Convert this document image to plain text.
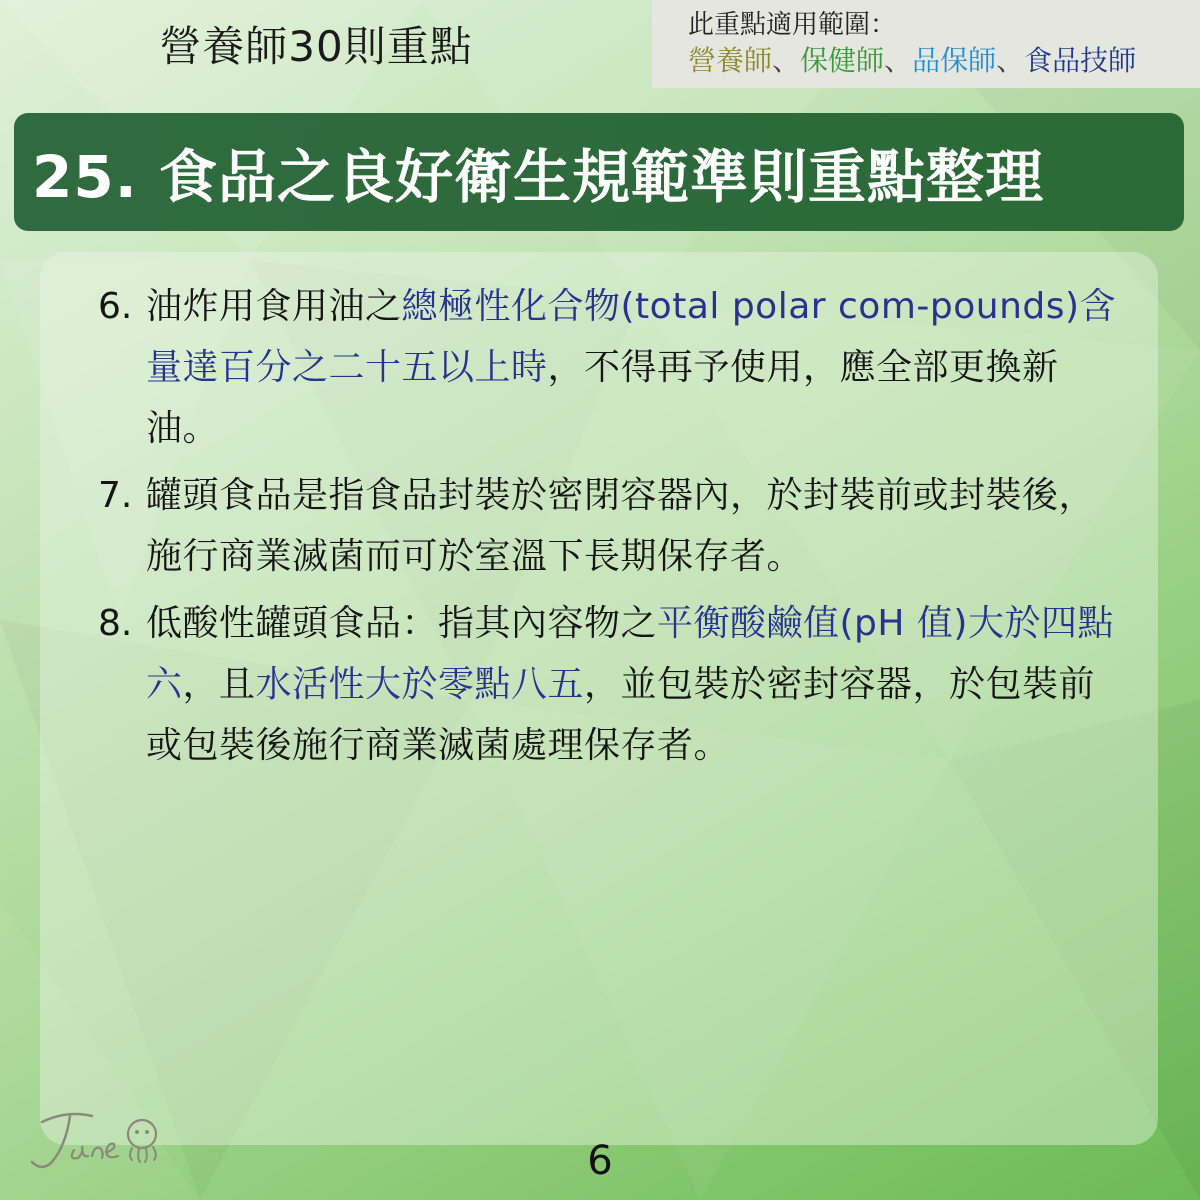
營養師30則重點	此重點適用範圍：
營養師、保健師、品保師、食品技師
25. 食品之良好衛生規範準則重點整理
6. 油炸用食用油之總極性化合物(total polar com-pounds)含量達百分之二十五以上時，不得再予使用，應全部更換新油。
7. 罐頭食品是指食品封裝於密閉容器內，於封裝前或封裝後，施行商業滅菌而可於室溫下長期保存者。
8. 低酸性罐頭食品：指其內容物之平衡酸鹼值(pH 值)大於四點六，且水活性大於零點八五，並包裝於密封容器，於包裝前或包裝後施行商業滅菌處理保存者。
6
